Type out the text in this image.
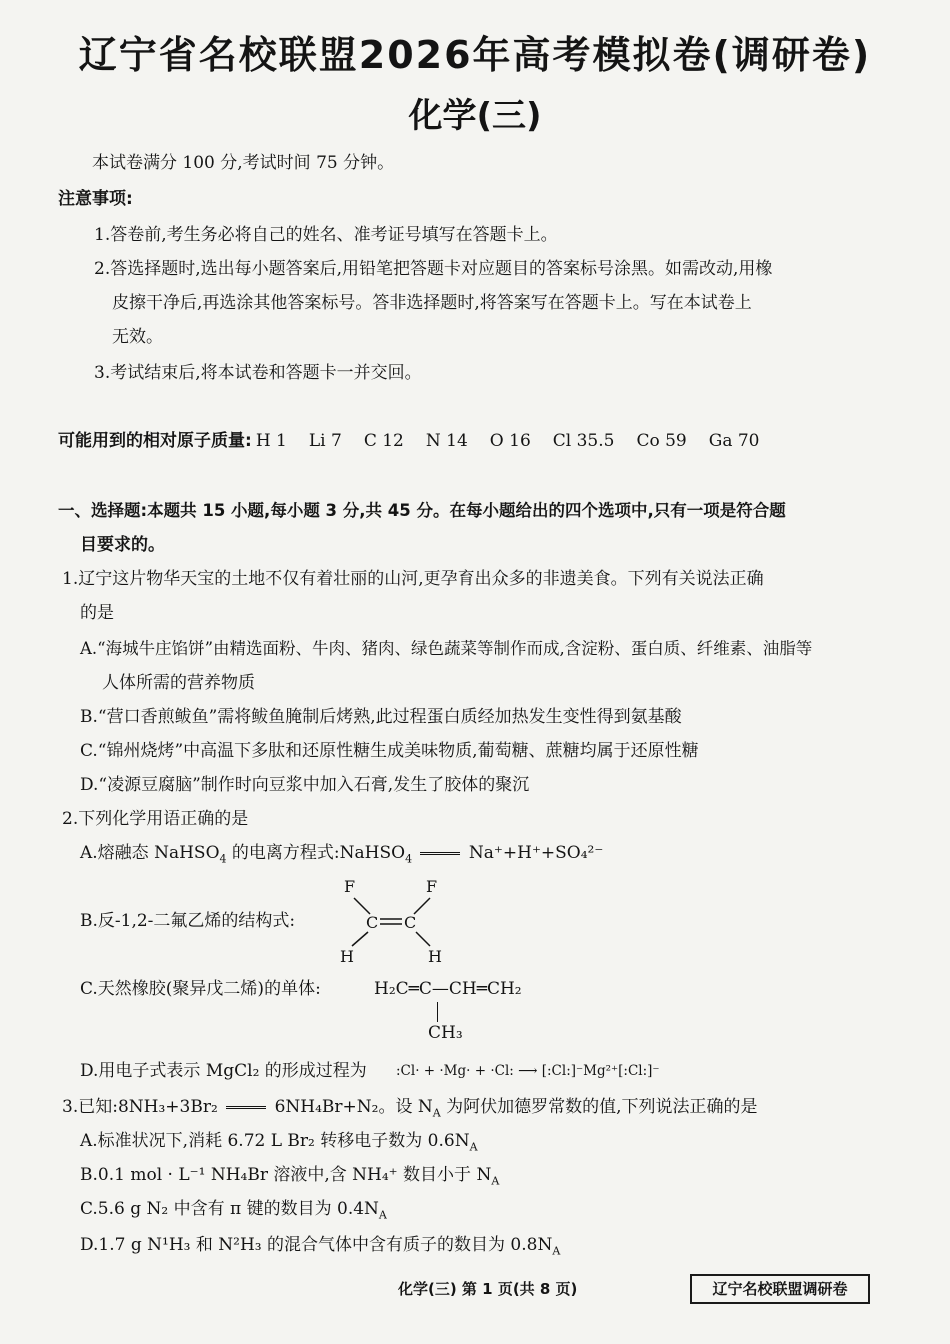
辽宁省名校联盟2026年高考模拟卷(调研卷)
化学(三)
本试卷满分 100 分,考试时间 75 分钟。
注意事项:
1.答卷前,考生务必将自己的姓名、准考证号填写在答题卡上。
2.答选择题时,选出每小题答案后,用铅笔把答题卡对应题目的答案标号涂黑。如需改动,用橡
皮擦干净后,再选涂其他答案标号。答非选择题时,将答案写在答题卡上。写在本试卷上
无效。
3.考试结束后,将本试卷和答题卡一并交回。
可能用到的相对原子质量: H 1 Li 7 C 12 N 14 O 16 Cl 35.5 Co 59 Ga 70
一、选择题:本题共 15 小题,每小题 3 分,共 45 分。在每小题给出的四个选项中,只有一项是符合题
目要求的。
1.辽宁这片物华天宝的土地不仅有着壮丽的山河,更孕育出众多的非遗美食。下列有关说法正确
的是
A.“海城牛庄馅饼”由精选面粉、牛肉、猪肉、绿色蔬菜等制作而成,含淀粉、蛋白质、纤维素、油脂等
人体所需的营养物质
B.“营口香煎鲅鱼”需将鲅鱼腌制后烤熟,此过程蛋白质经加热发生变性得到氨基酸
C.“锦州烧烤”中高温下多肽和还原性糖生成美味物质,葡萄糖、蔗糖均属于还原性糖
D.“凌源豆腐脑”制作时向豆浆中加入石膏,发生了胶体的聚沉
2.下列化学用语正确的是
A.熔融态 NaHSO$_4$ 的电离方程式:NaHSO$_4$	Na⁺+H⁺+SO₄²⁻
B.反-1,2-二氟乙烯的结构式:
F	F
C C
H	H
C.天然橡胶(聚异戊二烯)的单体:	H₂C═C—CH═CH₂
CH₃
D.用电子式表示 MgCl₂ 的形成过程为 :Cl· + ·Mg· + ·Cl: ⟶ [:Cl:]⁻Mg²⁺[:Cl:]⁻
3.已知:8NH₃+3Br₂	6NH₄Br+N₂。设 $N_A$ 为阿伏加德罗常数的值,下列说法正确的是
A.标准状况下,消耗 6.72 L Br₂ 转移电子数为 $0.6N_A$
B.0.1 mol · L⁻¹ NH₄Br 溶液中,含 NH₄⁺ 数目小于 $N_A$
C.5.6 g N₂ 中含有 π 键的数目为 $0.4N_A$
D.1.7 g N¹H₃ 和 N²H₃ 的混合气体中含有质子的数目为 $0.8N_A$
化学(三) 第 1 页(共 8 页)	辽宁名校联盟调研卷
